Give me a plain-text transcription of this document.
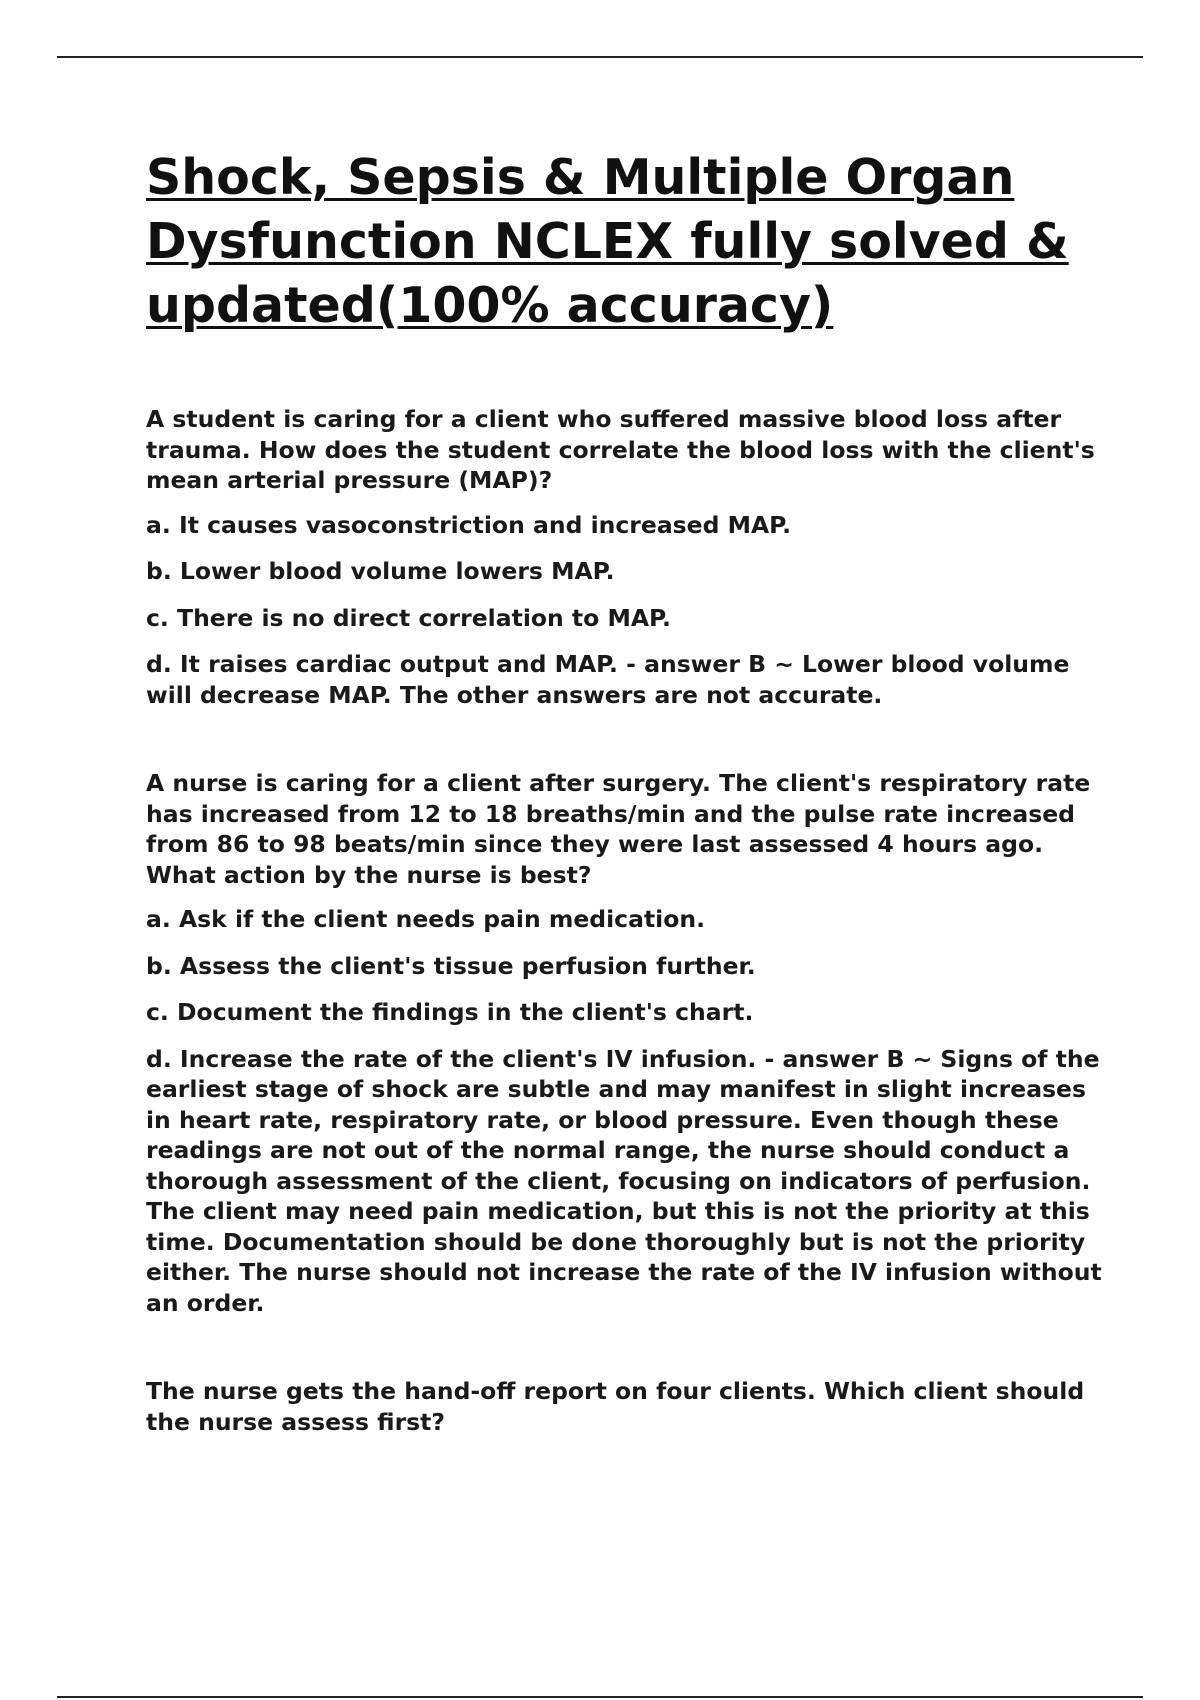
Shock, Sepsis & Multiple Organ Dysfunction NCLEX fully solved & updated(100% accuracy)

A student is caring for a client who suffered massive blood loss after trauma. How does the student correlate the blood loss with the client's mean arterial pressure (MAP)?

a. It causes vasoconstriction and increased MAP.

b. Lower blood volume lowers MAP.

c. There is no direct correlation to MAP.

d. It raises cardiac output and MAP. - answer B ~ Lower blood volume will decrease MAP. The other answers are not accurate.

A nurse is caring for a client after surgery. The client's respiratory rate has increased from 12 to 18 breaths/min and the pulse rate increased from 86 to 98 beats/min since they were last assessed 4 hours ago. What action by the nurse is best?

a. Ask if the client needs pain medication.

b. Assess the client's tissue perfusion further.

c. Document the findings in the client's chart.

d. Increase the rate of the client's IV infusion. - answer B ~ Signs of the earliest stage of shock are subtle and may manifest in slight increases in heart rate, respiratory rate, or blood pressure. Even though these readings are not out of the normal range, the nurse should conduct a thorough assessment of the client, focusing on indicators of perfusion. The client may need pain medication, but this is not the priority at this time. Documentation should be done thoroughly but is not the priority either. The nurse should not increase the rate of the IV infusion without an order.

The nurse gets the hand-off report on four clients. Which client should the nurse assess first?
